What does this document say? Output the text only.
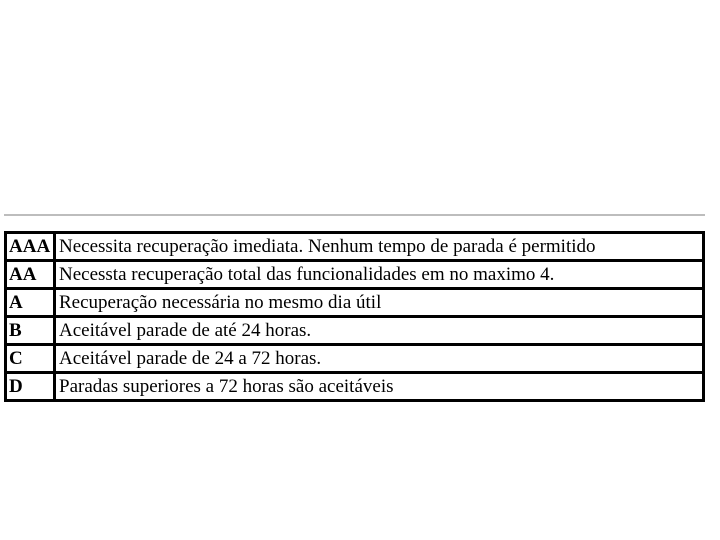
AAA	Necessita recuperação imediata. Nenhum tempo de parada é permitido
AA	Necessta recuperação total das funcionalidades em no maximo 4.
A	Recuperação necessária no mesmo dia útil
B	Aceitável parade de até 24 horas.
C	Aceitável parade de 24 a 72 horas.
D	Paradas superiores a 72 horas são aceitáveis
